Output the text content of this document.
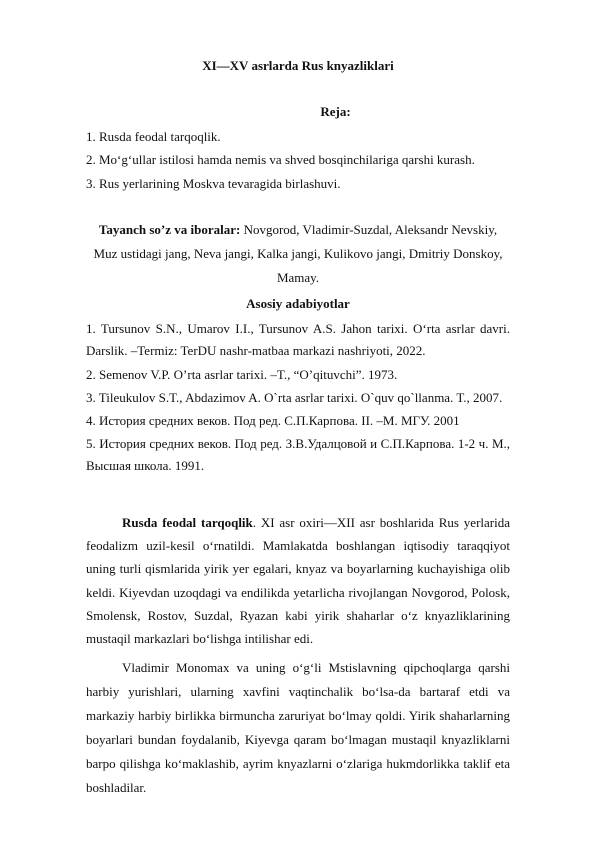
XI—XV asrlarda Rus knyazliklari
Reja:
1. Rusda feodal tarqoqlik.
2. Mo‘g‘ullar istilosi hamda nemis va shved bosqinchilariga qarshi kurash.
3. Rus yerlarining Moskva tevaragida birlashuvi.
Tayanch so’z va iboralar: Novgorod, Vladimir-Suzdal, Aleksandr Nevskiy, Muz ustidagi jang, Neva jangi, Kalka jangi, Kulikovo jangi, Dmitriy Donskoy, Mamay.
Asosiy adabiyotlar
1. Tursunov S.N., Umarov I.I., Tursunov A.S. Jahon tarixi. O‘rta asrlar davri. Darslik. –Termiz: TerDU nashr-matbaa markazi nashriyoti, 2022.
2. Semenov V.P. O’rta asrlar tarixi. –T., “O’qituvchi”. 1973.
3. Tileukulov S.T., Abdazimov A. O`rta asrlar tarixi. O`quv qo`llanma. T., 2007.
4. История средних веков. Под ред. С.П.Карпова. II. –М. МГУ. 2001
5. История средних веков. Под ред. З.В.Удалцовой и С.П.Карпова. 1-2 ч. М., Высшая школа. 1991.
Rusda feodal tarqoqlik. XI asr oxiri—XII asr boshlarida Rus yerlarida feodalizm uzil-kesil o‘rnatildi. Mamlakatda boshlangan iqtisodiy taraqqiyot uning turli qismlarida yirik yer egalari, knyaz va boyarlarning kuchayishiga olib keldi. Kiyevdan uzoqdagi va endilikda yetarlicha rivojlangan Novgorod, Polosk, Smolensk, Rostov, Suzdal, Ryazan kabi yirik shaharlar o‘z knyazliklarining mustaqil markazlari bo‘lishga intilishar edi.
Vladimir Monomax va uning o‘g‘li Mstislavning qipchoqlarga qarshi harbiy yurishlari, ularning xavfini vaqtinchalik bo‘lsa-da bartaraf etdi va markaziy harbiy birlikka birmuncha zaruriyat bo‘lmay qoldi. Yirik shaharlarning boyarlari bundan foydalanib, Kiyevga qaram bo‘lmagan mustaqil knyazliklarni barpo qilishga ko‘maklashib, ayrim knyazlarni o‘zlariga hukmdorlikka taklif eta boshladilar.
